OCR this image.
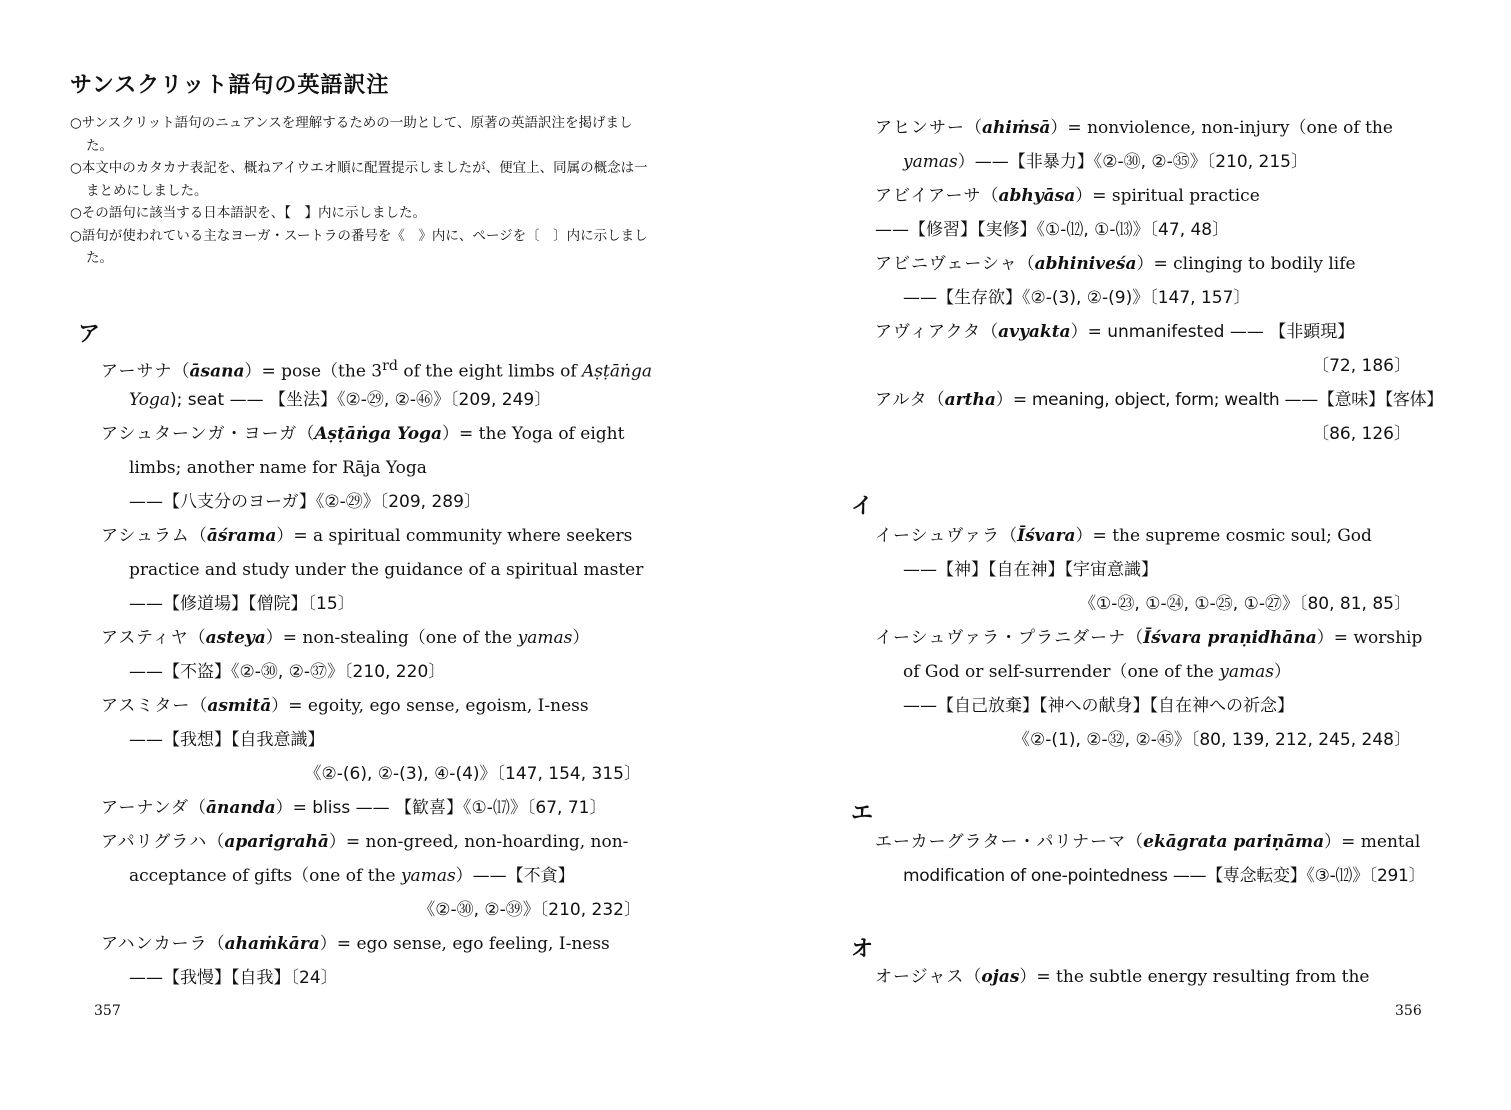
サンスクリット語句の英語訳注

○サンスクリット語句のニュアンスを理解するための一助として、原著の英語訳注を掲げました。

○本文中のカタカナ表記を、概ねアイウエオ順に配置提示しましたが、便宜上、同属の概念は一まとめにしました。

○その語句に該当する日本語訳を、【　】内に示しました。

○語句が使われている主なヨーガ・スートラの番号を《　》内に、ページを〔　〕内に示しました。

ア
アーサナ（āsana）= pose（the 3rd of the eight limbs of Aṣṭāṅga
Yoga); seat —— 【坐法】《②-㉙, ②-㊻》〔209, 249〕
アシュターンガ・ヨーガ（Aṣṭāṅga Yoga）= the Yoga of eight
limbs; another name for Rāja Yoga
——【八支分のヨーガ】《②-㉙》〔209, 289〕
アシュラム（āśrama）= a spiritual community where seekers
practice and study under the guidance of a spiritual master
——【修道場】【僧院】〔15〕
アスティヤ（asteya）= non-stealing（one of the yamas）
——【不盗】《②-㉚, ②-㊲》〔210, 220〕
アスミター（asmitā）= egoity, ego sense, egoism, I-ness
——【我想】【自我意識】
《②-(6), ②-(3), ④-(4)》〔147, 154, 315〕
アーナンダ（ānanda）= bliss —— 【歓喜】《①-⒄》〔67, 71〕
アパリグラハ（aparigrahā）= non-greed, non-hoarding, non-
acceptance of gifts（one of the yamas）——【不貪】
《②-㉚, ②-㊴》〔210, 232〕
アハンカーラ（ahaṁkāra）= ego sense, ego feeling, I-ness
——【我慢】【自我】〔24〕
357
アヒンサー（ahiṁsā）= nonviolence, non-injury（one of the
yamas）——【非暴力】《②-㉚, ②-㉟》〔210, 215〕
アビイアーサ（abhyāsa）= spiritual practice
——【修習】【実修】《①-⑿, ①-⒀》〔47, 48〕
アビニヴェーシャ（abhiniveśa）= clinging to bodily life
——【生存欲】《②-(3), ②-(9)》〔147, 157〕
アヴィアクタ（avyakta）= unmanifested —— 【非顕現】
〔72, 186〕
アルタ（artha）= meaning, object, form; wealth ——【意味】【客体】
〔86, 126〕
イ
イーシュヴァラ（Īśvara）= the supreme cosmic soul; God
——【神】【自在神】【宇宙意識】
《①-㉓, ①-㉔, ①-㉕, ①-㉗》〔80, 81, 85〕
イーシュヴァラ・プラニダーナ（Īśvara praṇidhāna）= worship
of God or self-surrender（one of the yamas）
——【自己放棄】【神への献身】【自在神への祈念】
《②-(1), ②-㉜, ②-㊺》〔80, 139, 212, 245, 248〕
エ
エーカーグラター・パリナーマ（ekāgrata pariṇāma）= mental
modification of one-pointedness ——【専念転変】《③-⑿》〔291〕
オ
オージャス（ojas）= the subtle energy resulting from the
356
